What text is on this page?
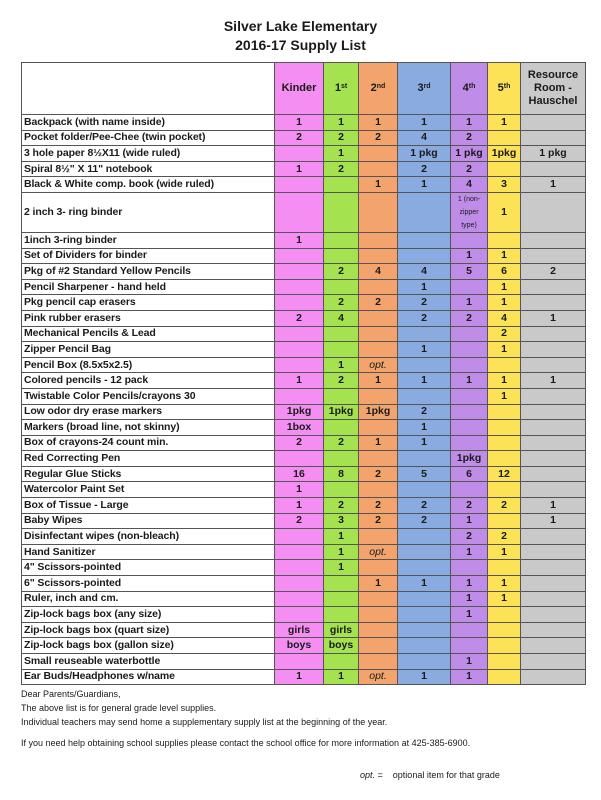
Silver Lake Elementary
2016-17 Supply List
	Kinder	1st	2nd	3rd	4th	5th	Resource Room - Hauschel
Backpack (with name inside)	1	1	1	1	1	1	
Pocket folder/Pee-Chee (twin pocket)	2	2	2	4	2		
3 hole paper 8½X11 (wide ruled)		1		1 pkg	1 pkg	1pkg	1 pkg
Spiral 8½" X 11" notebook	1	2		2	2		
Black & White comp. book (wide ruled)			1	1	4	3	1
2 inch 3- ring binder					1 (non-zipper type)	1	
1inch 3-ring binder	1						
Set of Dividers for binder					1	1	
Pkg of #2 Standard Yellow Pencils		2	4	4	5	6	2
Pencil Sharpener - hand held				1		1	
Pkg pencil cap erasers		2	2	2	1	1	
Pink rubber erasers	2	4		2	2	4	1
Mechanical Pencils & Lead						2	
Zipper Pencil Bag				1		1	
Pencil Box (8.5x5x2.5)		1	opt.				
Colored pencils - 12 pack	1	2	1	1	1	1	1
Twistable Color Pencils/crayons 30						1	
Low odor dry erase markers	1pkg	1pkg	1pkg	2			
Markers (broad line, not skinny)	1box			1			
Box of crayons-24 count min.	2	2	1	1			
Red Correcting Pen					1pkg		
Regular Glue Sticks	16	8	2	5	6	12	
Watercolor Paint Set	1						
Box of Tissue - Large	1	2	2	2	2	2	1
Baby Wipes	2	3	2	2	1		1
Disinfectant wipes (non-bleach)		1			2	2	
Hand Sanitizer		1	opt.		1	1	
4" Scissors-pointed		1					
6" Scissors-pointed			1	1	1	1	
Ruler, inch and cm.					1	1	
Zip-lock bags box (any size)					1		
Zip-lock bags box (quart size)	girls	girls					
Zip-lock bags box (gallon size)	boys	boys					
Small reuseable waterbottle					1		
Ear Buds/Headphones w/name	1	1	opt.	1	1		
Dear Parents/Guardians,
The above list is for general grade level supplies.
Individual teachers may send home a supplementary supply list at the beginning of the year.
If you need help obtaining school supplies please contact the school office for more information at 425-385-6900.
opt. = optional item for that grade
